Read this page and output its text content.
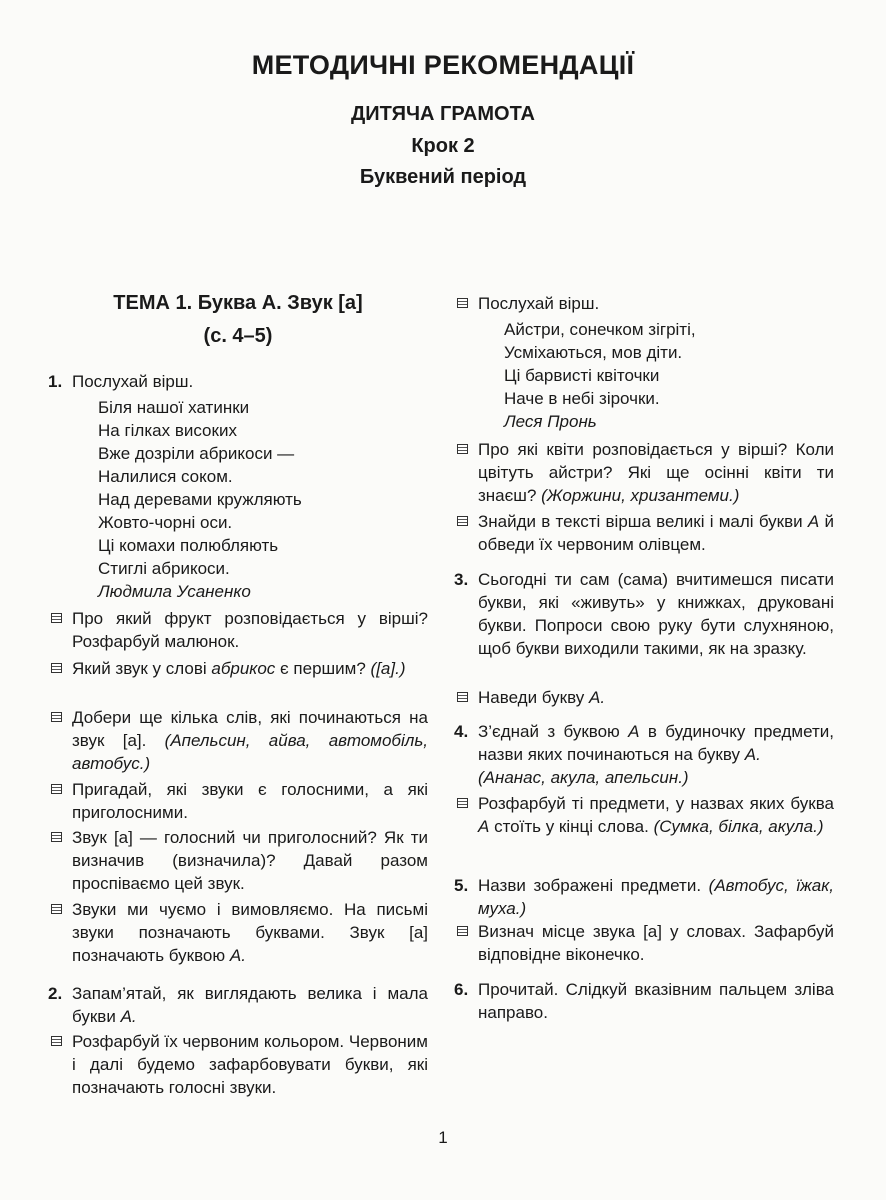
МЕТОДИЧНІ РЕКОМЕНДАЦІЇ
ДИТЯЧА ГРАМОТА
Крок 2
Буквений період
ТЕМА 1. Буква А. Звук [а]
(с. 4–5)
1. Послухай вірш.
Біля нашої хатинки
На гілках високих
Вже дозріли абрикоси —
Налилися соком.
Над деревами кружляють
Жовто-чорні оси.
Ці комахи полюбляють
Стиглі абрикоси.
Людмила Усаненко
Про який фрукт розповідається у вірші? Розфарбуй малюнок.
Який звук у слові абрикос є першим? ([а].)
Добери ще кілька слів, які починаються на звук [а]. (Апельсин, айва, автомобіль, автобус.)
Пригадай, які звуки є голосними, а які приголосними.
Звук [а] — голосний чи приголосний? Як ти визначив (визначила)? Давай разом проспіваємо цей звук.
Звуки ми чуємо і вимовляємо. На письмі звуки позначають буквами. Звук [а] позначають буквою А.
2. Запам’ятай, як виглядають велика і мала букви А.
Розфарбуй їх червоним кольором. Червоним і далі будемо зафарбовувати букви, які позначають голосні звуки.
Послухай вірш.
Айстри, сонечком зігріті,
Усміхаються, мов діти.
Ці барвисті квіточки
Наче в небі зірочки.
Леся Пронь
Про які квіти розповідається у вірші? Коли цвітуть айстри? Які ще осінні квіти ти знаєш? (Жоржини, хризантеми.)
Знайди в тексті вірша великі і малі букви А й обведи їх червоним олівцем.
3. Сьогодні ти сам (сама) вчитимешся писати букви, які «живуть» у книжках, друковані букви. Попроси свою руку бути слухняною, щоб букви виходили такими, як на зразку.
Наведи букву А.
4. З’єднай з буквою А в будиночку предмети, назви яких починаються на букву А.
(Ананас, акула, апельсин.)
Розфарбуй ті предмети, у назвах яких буква А стоїть у кінці слова. (Сумка, білка, акула.)
5. Назви зображені предмети. (Автобус, їжак, муха.)
Визнач місце звука [а] у словах. Зафарбуй відповідне віконечко.
6. Прочитай. Слідкуй вказівним пальцем зліва направо.
1
